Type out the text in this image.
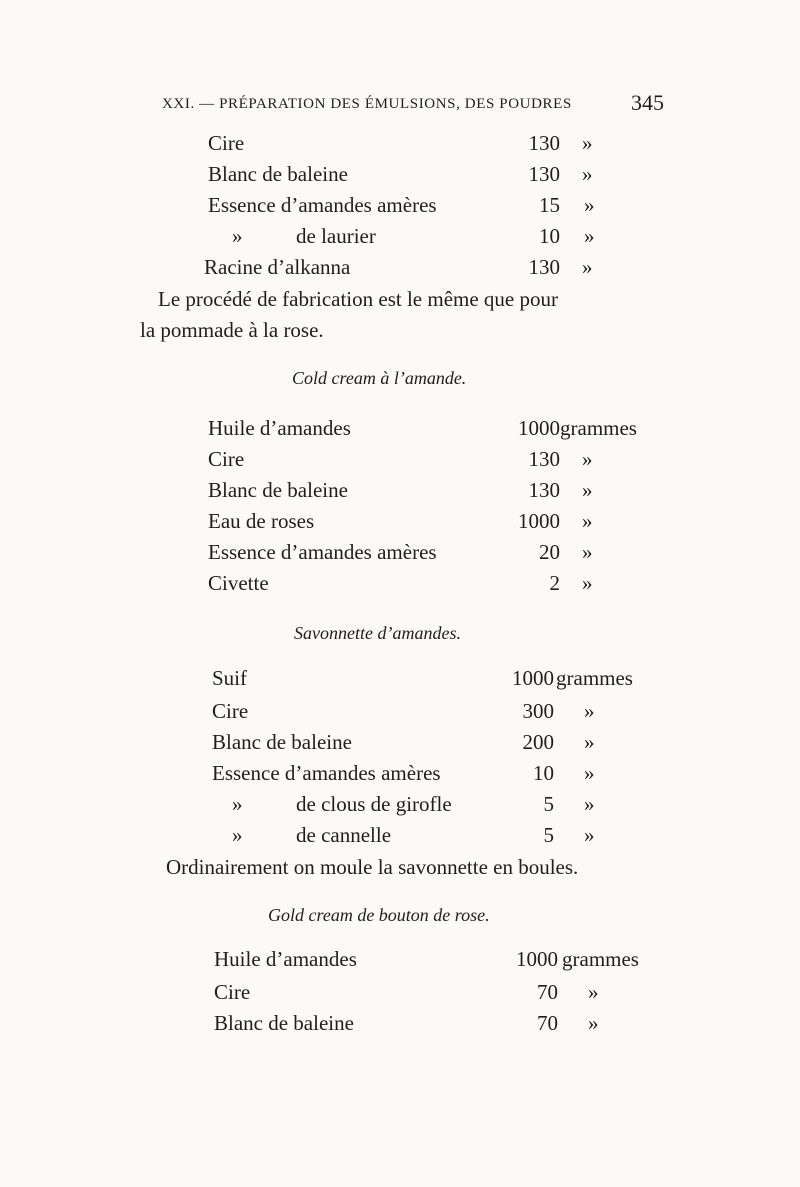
XXI. — PRÉPARATION DES ÉMULSIONS, DES POUDRES	345
Cire	130 »
Blanc de baleine	130 »
Essence d’amandes amères	15 »
»	de laurier	10 »
Racine d’alkanna	130 »
Le procédé de fabrication est le même que pour
la pommade à la rose.
Cold cream à l’amande.
Huile d’amandes	1000 grammes
Cire	130 »
Blanc de baleine	130 »
Eau de roses	1000 »
Essence d’amandes amères	20 »
Civette	2 »
Savonnette d’amandes.
Suif	1000 grammes
Cire	300 »
Blanc de baleine	200 »
Essence d’amandes amères	10 »
»	de clous de girofle	5 »
»	de cannelle	5 »
Ordinairement on moule la savonnette en boules.
Gold cream de bouton de rose.
Huile d’amandes	1000 grammes
Cire	70 »
Blanc de baleine	70 »
